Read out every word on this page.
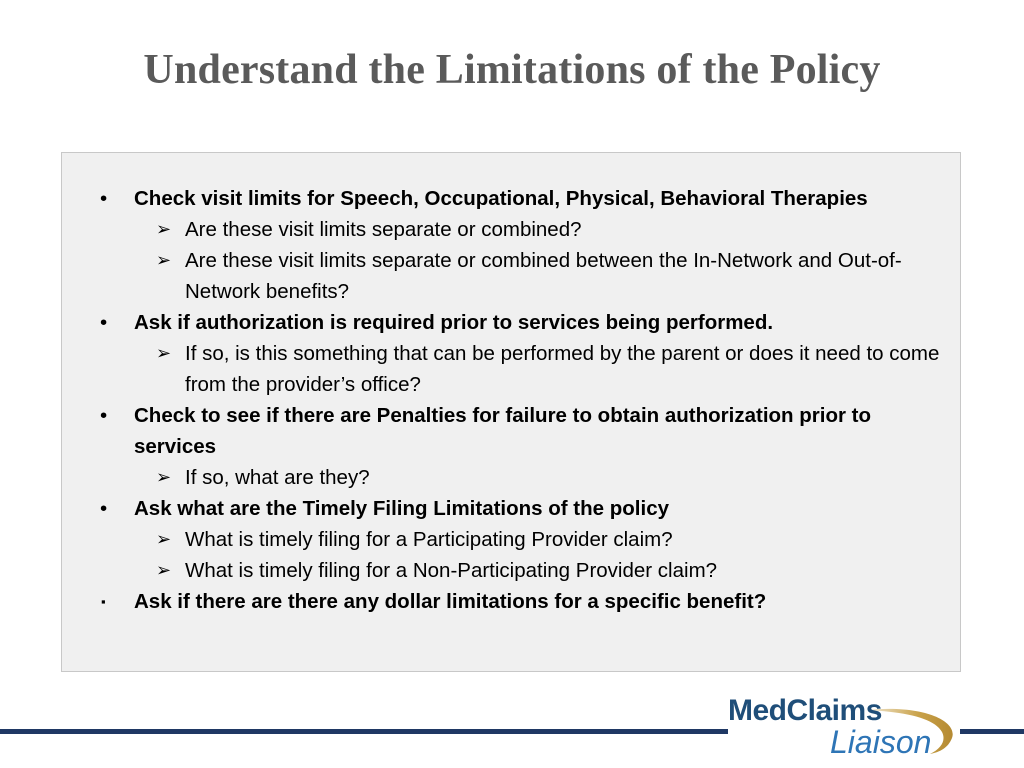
Understand the Limitations of the Policy
• Check visit limits for Speech, Occupational, Physical, Behavioral Therapies
➢ Are these visit limits separate or combined?
➢ Are these visit limits separate or combined between the In-Network and Out-of-Network benefits?
• Ask if authorization is required prior to services being performed.
➢ If so, is this something that can be performed by the parent or does it need to come from the provider’s office?
• Check to see if there are Penalties for failure to obtain authorization prior to services
➢ If so, what are they?
• Ask what are the Timely Filing Limitations of the policy
➢ What is timely filing for a Participating Provider claim?
➢ What is timely filing for a Non-Participating Provider claim?
▪ Ask if there are there any dollar limitations for a specific benefit?
MedClaims
Liaison
